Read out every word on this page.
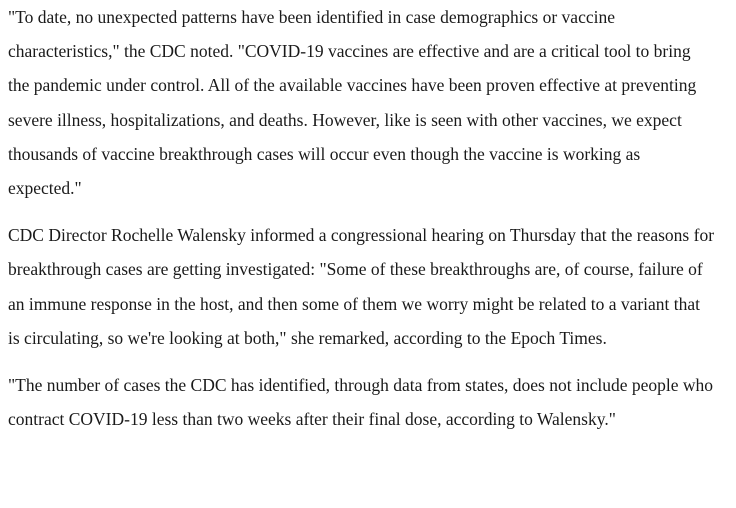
"To date, no unexpected patterns have been identified in case demographics or vaccine characteristics," the CDC noted. "COVID-19 vaccines are effective and are a critical tool to bring the pandemic under control. All of the available vaccines have been proven effective at preventing severe illness, hospitalizations, and deaths. However, like is seen with other vaccines, we expect thousands of vaccine breakthrough cases will occur even though the vaccine is working as expected."

CDC Director Rochelle Walensky informed a congressional hearing on Thursday that the reasons for breakthrough cases are getting investigated: "Some of these breakthroughs are, of course, failure of an immune response in the host, and then some of them we worry might be related to a variant that is circulating, so we're looking at both," she remarked, according to the Epoch Times.

"The number of cases the CDC has identified, through data from states, does not include people who contract COVID-19 less than two weeks after their final dose, according to Walensky."
